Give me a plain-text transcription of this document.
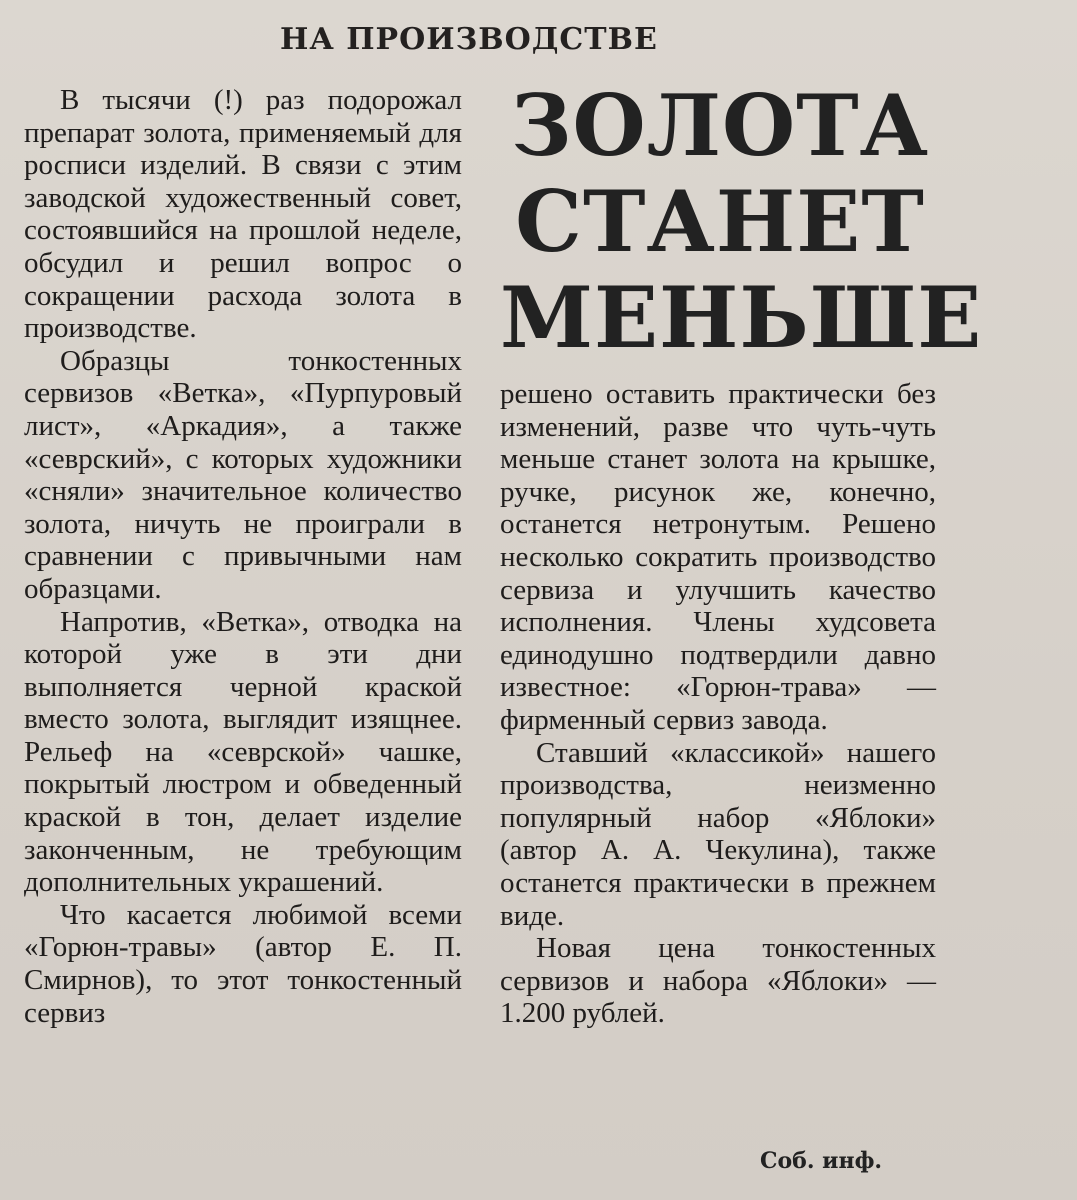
НА ПРОИЗВОДСТВЕ
ЗОЛОТА
СТАНЕТ
МЕНЬШЕ

В тысячи (!) раз подорожал препарат золота, применяемый для росписи изделий. В связи с этим заводской художественный совет, состоявшийся на прошлой неделе, обсудил и решил вопрос о сокращении расхода золота в производстве.

Образцы тонкостенных сервизов «Ветка», «Пурпуровый лист», «Аркадия», а также «севрский», с которых художники «сняли» значительное количество золота, ничуть не проиграли в сравнении с привычными нам образцами.

Напротив, «Ветка», отводка на которой уже в эти дни выполняется черной краской вместо золота, выглядит изящнее. Рельеф на «севрской» чашке, покрытый люстром и обведенный краской в тон, делает изделие законченным, не требующим дополнительных украшений.

Что касается любимой всеми «Горюн-травы» (автор Е. П. Смирнов), то этот тонкостенный сервиз

решено оставить практически без изменений, разве что чуть-чуть меньше станет золота на крышке, ручке, рисунок же, конечно, останется нетронутым. Решено несколько сократить производство сервиза и улучшить качество исполнения. Члены худсовета единодушно подтвердили давно известное: «Горюн-трава» — фирменный сервиз завода.

Ставший «классикой» нашего производства, неизменно популярный набор «Яблоки» (автор А. А. Чекулина), также останется практически в прежнем виде.

Новая цена тонкостенных сервизов и набора «Яблоки» — 1.200 рублей.

Соб. инф.
